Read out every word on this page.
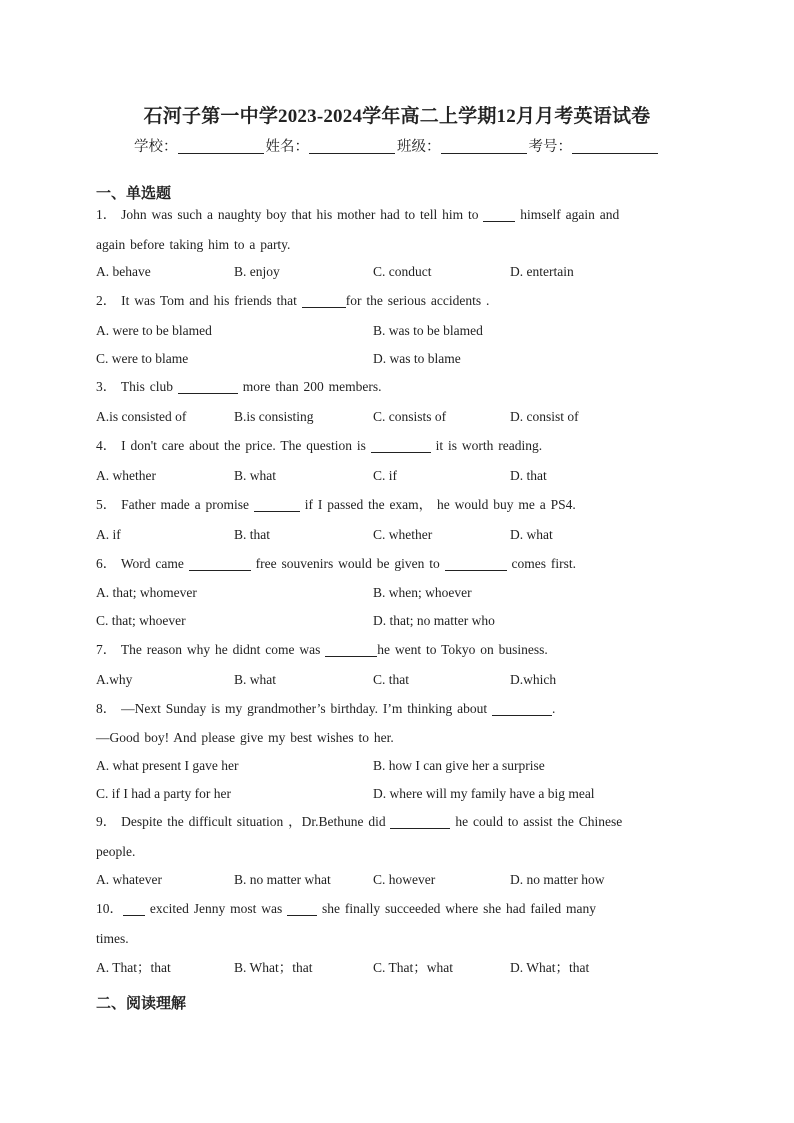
石河子第一中学2023-2024学年高二上学期12月月考英语试卷
学校：	姓名：	班级：	考号：
一、单选题
1． John was such a naughty boy that his mother had to tell him to	himself again and
again before taking him to a party.
A. behave	B. enjoy	C. conduct	D. entertain
2． It was Tom and his friends that	for the serious accidents .
A. were to be blamed	B. was to be blamed
C. were to blame	D. was to blame
3． This club	more than 200 members.
A.is consisted of	B.is consisting	C. consists of	D. consist of
4． I don't care about the price. The question is	it is worth reading.
A. whether	B. what	C. if	D. that
5． Father made a promise	if I passed the exam， he would buy me a PS4.
A. if	B. that	C. whether	D. what
6． Word came	free souvenirs would be given to	comes first.
A. that; whomever	B. when; whoever
C. that; whoever	D. that; no matter who
7． The reason why he didnt come was	he went to Tokyo on business.
A.why	B. what	C. that	D.which
8． —Next Sunday is my grandmother’s birthday. I’m thinking about	.
—Good boy! And please give my best wishes to her.
A. what present I gave her	B. how I can give her a surprise
C. if I had a party for her	D. where will my family have a big meal
9． Despite the difficult situation ，Dr.Bethune did	he could to assist the Chinese
people.
A. whatever	B. no matter what	C. however	D. no matter how
10． excited Jenny most was	she finally succeeded where she had failed many
times.
A. That；that	B. What；that	C. That；what	D. What；that
二、阅读理解
